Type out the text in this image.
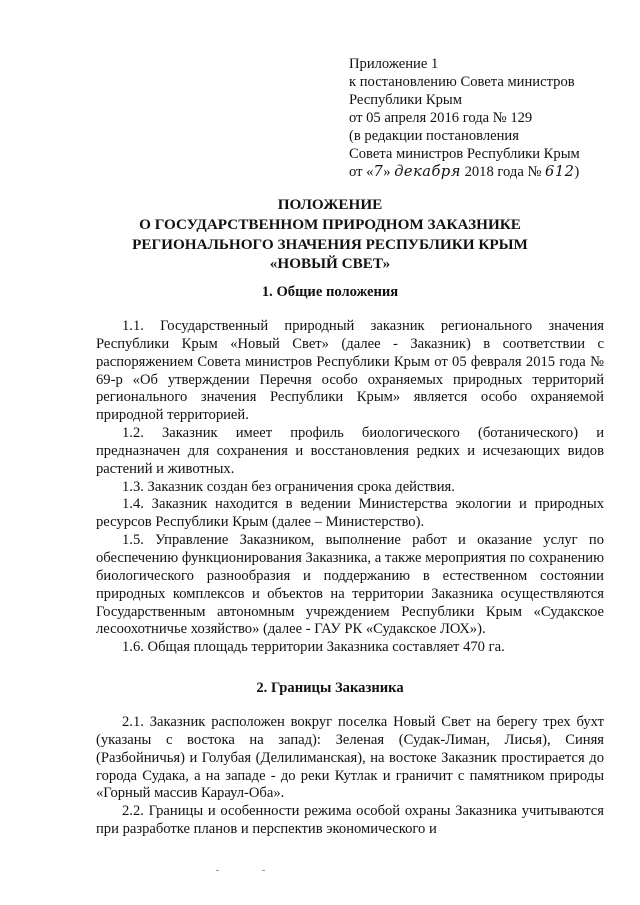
Приложение 1
к постановлению Совета министров
Республики Крым
от 05 апреля 2016 года № 129
(в редакции постановления
Совета министров Республики Крым
от «7» декабря 2018 года № 612)
ПОЛОЖЕНИЕ
О ГОСУДАРСТВЕННОМ ПРИРОДНОМ ЗАКАЗНИКЕ
РЕГИОНАЛЬНОГО ЗНАЧЕНИЯ РЕСПУБЛИКИ КРЫМ
«НОВЫЙ СВЕТ»
1. Общие положения

1.1. Государственный природный заказник регионального значения Республики Крым «Новый Свет» (далее - Заказник) в соответствии с распоряжением Совета министров Республики Крым от 05 февраля 2015 года № 69-р «Об утверждении Перечня особо охраняемых природных территорий регионального значения Республики Крым» является особо охраняемой природной территорией.

1.2. Заказник имеет профиль биологического (ботанического) и предназначен для сохранения и восстановления редких и исчезающих видов растений и животных.

1.3. Заказник создан без ограничения срока действия.

1.4. Заказник находится в ведении Министерства экологии и природных ресурсов Республики Крым (далее – Министерство).

1.5. Управление Заказником, выполнение работ и оказание услуг по обеспечению функционирования Заказника, а также мероприятия по сохранению биологического разнообразия и поддержанию в естественном состоянии природных комплексов и объектов на территории Заказника осуществляются Государственным автономным учреждением Республики Крым «Судакское лесоохотничье хозяйство» (далее - ГАУ РК «Судакское ЛОХ»).

1.6. Общая площадь территории Заказника составляет 470 га.

2. Границы Заказника

2.1. Заказник расположен вокруг поселка Новый Свет на берегу трех бухт (указаны с востока на запад): Зеленая (Судак-Лиман, Лисья), Синяя (Разбойничья) и Голубая (Делилиманская), на востоке Заказник простирается до города Судака, а на западе - до реки Кутлак и граничит с памятником природы «Горный массив Караул-Оба».

2.2. Границы и особенности режима особой охраны Заказника учитываются при разработке планов и перспектив экономического и
